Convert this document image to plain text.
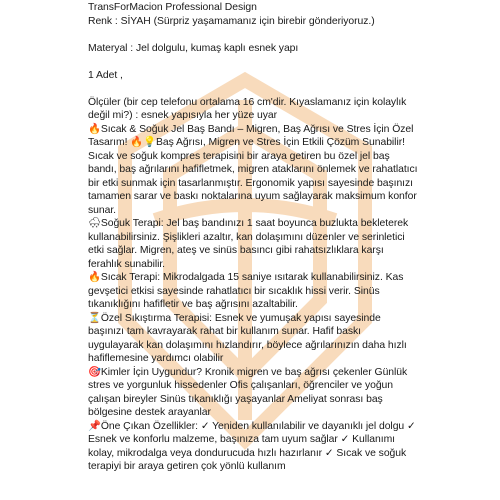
TransForMacion Professional Design

Renk : SİYAH (Sürpriz yaşamamanız için birebir gönderiyoruz.)

Materyal : Jel dolgulu, kumaş kaplı esnek yapı

1 Adet ,

Ölçüler (bir cep telefonu ortalama 16 cm'dir. Kıyaslamanız için kolaylık değil mi?) : esnek yapısıyla her yüze uyar

🔥 Sıcak & Soğuk Jel Baş Bandı – Migren, Baş Ağrısı ve Stres İçin Özel Tasarım! 🔥 💡 Baş Ağrısı, Migren ve Stres İçin Etkili Çözüm Sunabilir!

Sıcak ve soğuk kompres terapisini bir araya getiren bu özel jel baş bandı, baş ağrılarını hafifletmek, migren ataklarını önlemek ve rahatlatıcı bir etki sunmak için tasarlanmıştır. Ergonomik yapısı sayesinde başınızı tamamen sarar ve baskı noktalarına uyum sağlayarak maksimum konfor sunar.

🌨 Soğuk Terapi: Jel baş bandınızı 1 saat boyunca buzlukta bekleterek kullanabilirsiniz. Şişlikleri azaltır, kan dolaşımını düzenler ve serinletici etki sağlar. Migren, ateş ve sinüs basıncı gibi rahatsızlıklara karşı ferahlık sunabilir.

🔥 Sıcak Terapi: Mikrodalgada 15 saniye ısıtarak kullanabilirsiniz. Kas gevşetici etkisi sayesinde rahatlatıcı bir sıcaklık hissi verir. Sinüs tıkanıklığını hafifletir ve baş ağrısını azaltabilir.

⏳ Özel Sıkıştırma Terapisi: Esnek ve yumuşak yapısı sayesinde başınızı tam kavrayarak rahat bir kullanım sunar. Hafif baskı uygulayarak kan dolaşımını hızlandırır, böylece ağrılarınızın daha hızlı hafiflemesine yardımcı olabilir

🎯 Kimler İçin Uygundur? Kronik migren ve baş ağrısı çekenler Günlük stres ve yorgunluk hissedenler Ofis çalışanları, öğrenciler ve yoğun çalışan bireyler Sinüs tıkanıklığı yaşayanlar Ameliyat sonrası baş bölgesine destek arayanlar

📌 Öne Çıkan Özellikler: ✓ Yeniden kullanılabilir ve dayanıklı jel dolgu ✓ Esnek ve konforlu malzeme, başınıza tam uyum sağlar ✓ Kullanımı kolay, mikrodalga veya dondurucuda hızlı hazırlanır ✓ Sıcak ve soğuk terapiyi bir araya getiren çok yönlü kullanım
